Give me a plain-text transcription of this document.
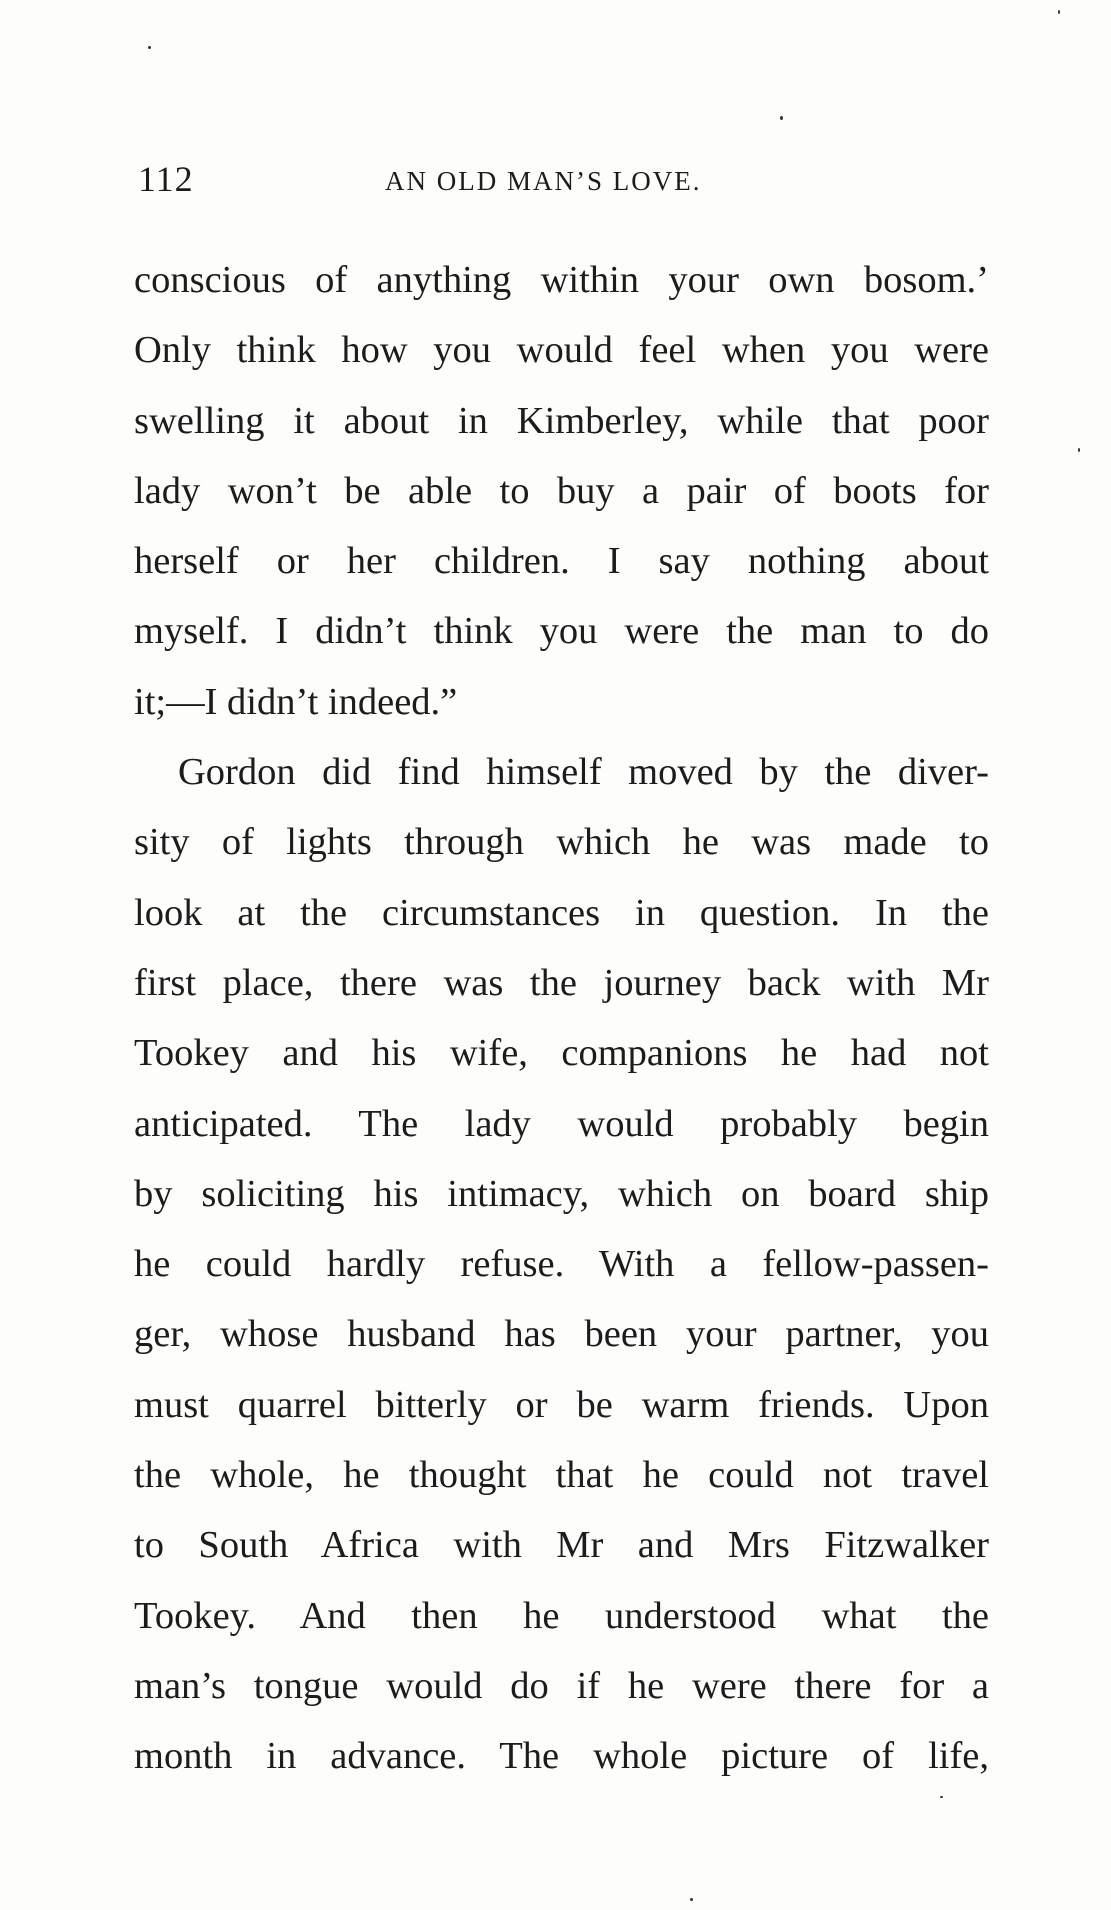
112	AN OLD MAN’S LOVE.
conscious of anything within your own bosom.’
Only think how you would feel when you were
swelling it about in Kimberley, while that poor
lady won’t be able to buy a pair of boots for
herself or her children. I say nothing about
myself. I didn’t think you were the man to do
it;—I didn’t indeed.”
Gordon did find himself moved by the diver-
sity of lights through which he was made to
look at the circumstances in question. In the
first place, there was the journey back with Mr
Tookey and his wife, companions he had not
anticipated. The lady would probably begin
by soliciting his intimacy, which on board ship
he could hardly refuse. With a fellow-passen-
ger, whose husband has been your partner, you
must quarrel bitterly or be warm friends. Upon
the whole, he thought that he could not travel
to South Africa with Mr and Mrs Fitzwalker
Tookey. And then he understood what the
man’s tongue would do if he were there for a
month in advance. The whole picture of life,
